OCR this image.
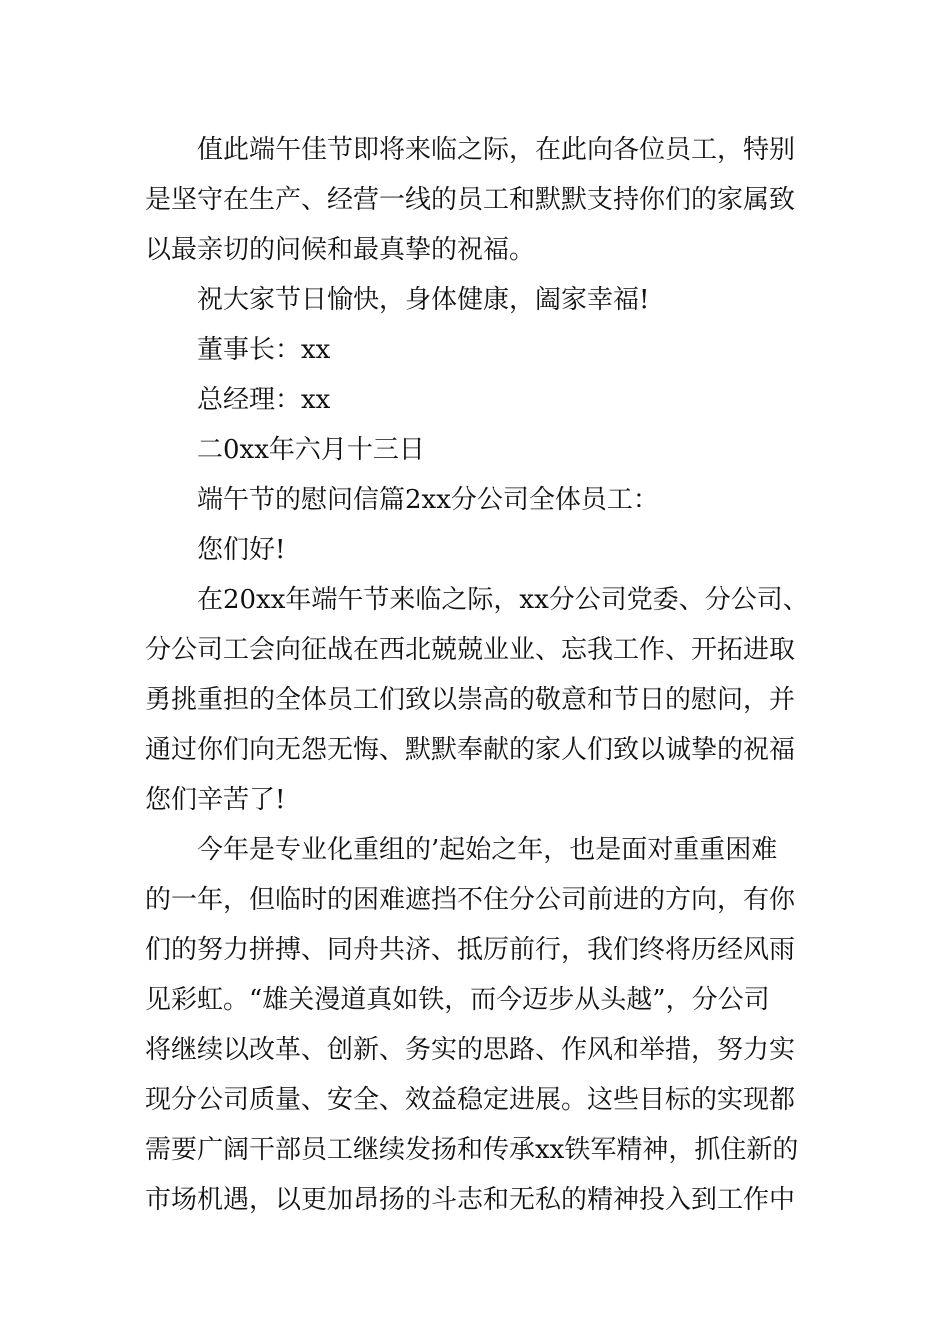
值此端午佳节即将来临之际，在此向各位员工，特别
是坚守在生产、经营一线的员工和默默支持你们的家属致
以最亲切的问候和最真挚的祝福。
祝大家节日愉快，身体健康，阖家幸福!
董事长：xx
总经理：xx
二0xx年六月十三日
端午节的慰问信篇2xx分公司全体员工：
您们好!
在20xx年端午节来临之际，xx分公司党委、分公司、
分公司工会向征战在西北兢兢业业、忘我工作、开拓进取
勇挑重担的全体员工们致以崇高的敬意和节日的慰问，并
通过你们向无怨无悔、默默奉献的家人们致以诚挚的祝福
您们辛苦了!
今年是专业化重组的’起始之年，也是面对重重困难
的一年，但临时的困难遮挡不住分公司前进的方向，有你
们的努力拼搏、同舟共济、抵厉前行，我们终将历经风雨
见彩虹。“雄关漫道真如铁，而今迈步从头越”，分公司
将继续以改革、创新、务实的思路、作风和举措，努力实
现分公司质量、安全、效益稳定进展。这些目标的实现都
需要广阔干部员工继续发扬和传承xx铁军精神，抓住新的
市场机遇，以更加昂扬的斗志和无私的精神投入到工作中
